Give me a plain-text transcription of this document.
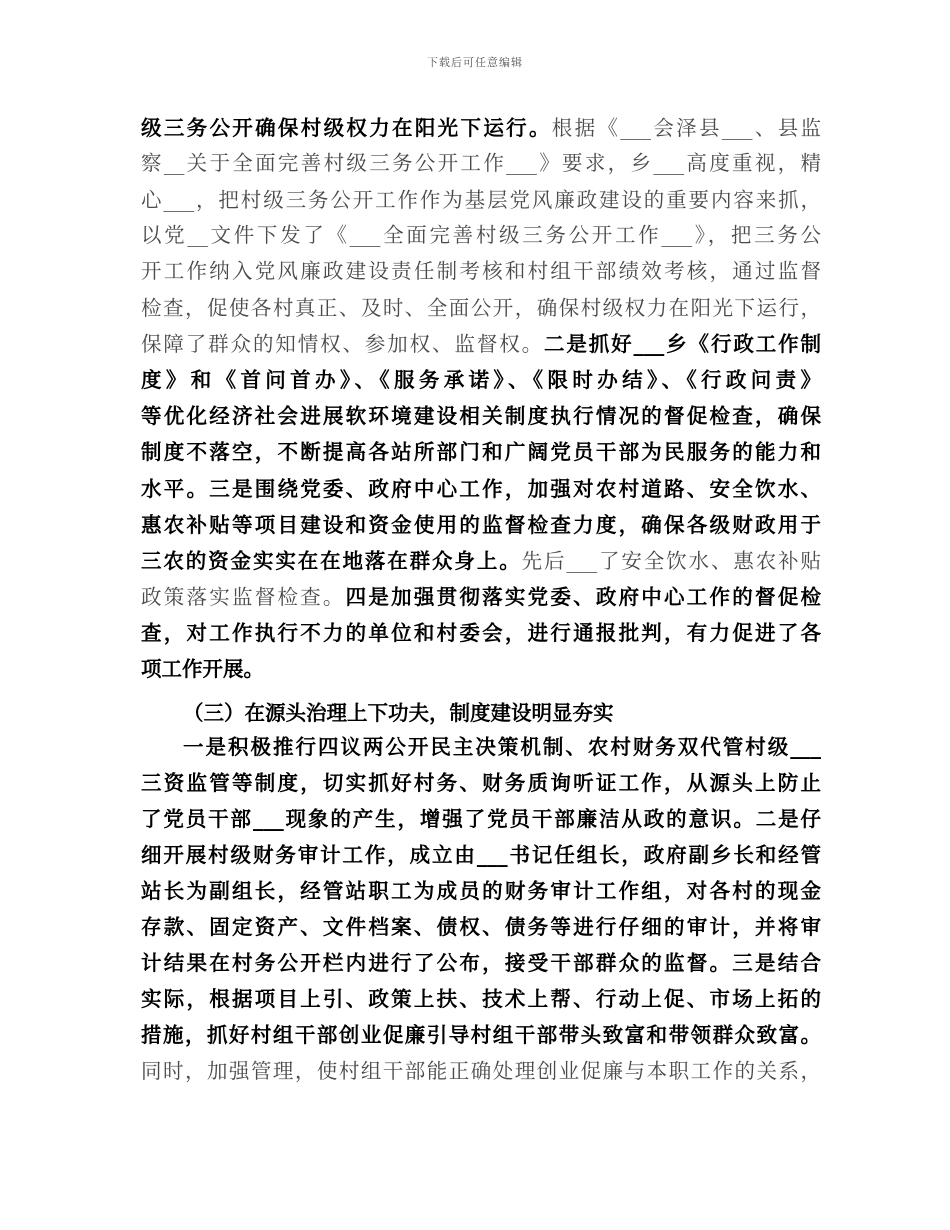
下载后可任意编辑
级三务公开确保村级权力在阳光下运行。根据《___会泽县___、县监
察__关于全面完善村级三务公开工作___》要求，乡___高度重视，精
心___，把村级三务公开工作作为基层党风廉政建设的重要内容来抓，
以党__文件下发了《___全面完善村级三务公开工作___》，把三务公
开工作纳入党风廉政建设责任制考核和村组干部绩效考核，通过监督
检查，促使各村真正、及时、全面公开，确保村级权力在阳光下运行，
保障了群众的知情权、参加权、监督权。二是抓好___乡《行政工作制
度》和《首问首办》、《服务承诺》、《限时办结》、《行政问责》
等优化经济社会进展软环境建设相关制度执行情况的督促检查，确保
制度不落空，不断提高各站所部门和广阔党员干部为民服务的能力和
水平。三是围绕党委、政府中心工作，加强对农村道路、安全饮水、
惠农补贴等项目建设和资金使用的监督检查力度，确保各级财政用于
三农的资金实实在在地落在群众身上。先后___了安全饮水、惠农补贴
政策落实监督检查。四是加强贯彻落实党委、政府中心工作的督促检
查，对工作执行不力的单位和村委会，进行通报批判，有力促进了各
项工作开展。
（三）在源头治理上下功夫，制度建设明显夯实
一是积极推行四议两公开民主决策机制、农村财务双代管村级___
三资监管等制度，切实抓好村务、财务质询听证工作，从源头上防止
了党员干部___现象的产生，增强了党员干部廉洁从政的意识。二是仔
细开展村级财务审计工作，成立由___书记任组长，政府副乡长和经管
站长为副组长，经管站职工为成员的财务审计工作组，对各村的现金
存款、固定资产、文件档案、债权、债务等进行仔细的审计，并将审
计结果在村务公开栏内进行了公布，接受干部群众的监督。三是结合
实际，根据项目上引、政策上扶、技术上帮、行动上促、市场上拓的
措施，抓好村组干部创业促廉引导村组干部带头致富和带领群众致富。
同时，加强管理，使村组干部能正确处理创业促廉与本职工作的关系，
